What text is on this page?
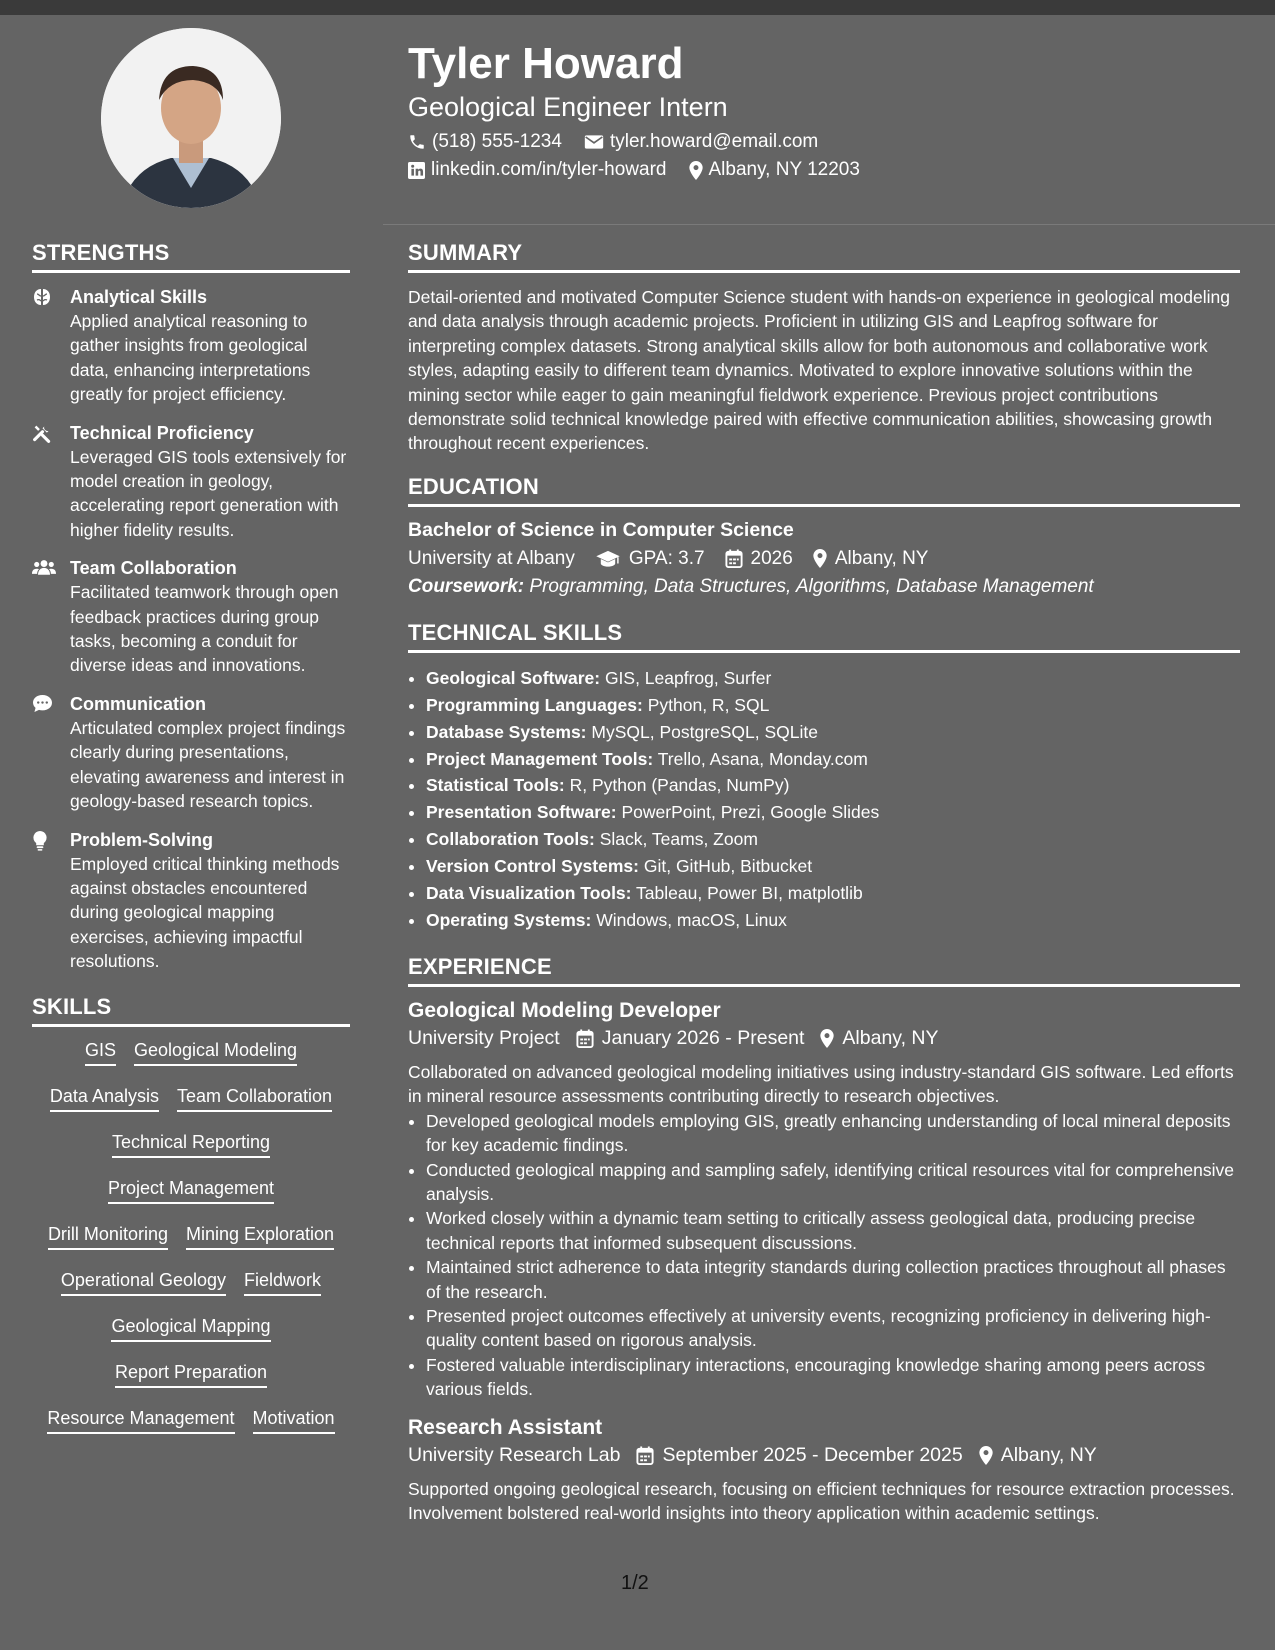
Tyler Howard
Geological Engineer Intern
(518) 555-1234	tyler.howard@email.com
linkedin.com/in/tyler-howard Albany, NY 12203
STRENGTHS
Analytical Skills
Applied analytical reasoning to gather insights from geological data, enhancing interpretations greatly for project efficiency.
Technical Proficiency
Leveraged GIS tools extensively for model creation in geology, accelerating report generation with higher fidelity results.
Team Collaboration
Facilitated teamwork through open feedback practices during group tasks, becoming a conduit for diverse ideas and innovations.
Communication
Articulated complex project findings clearly during presentations, elevating awareness and interest in geology-based research topics.
Problem-Solving
Employed critical thinking methods against obstacles encountered during geological mapping exercises, achieving impactful resolutions.
SKILLS
GIS Geological Modeling
Data Analysis Team Collaboration
Technical Reporting
Project Management
Drill Monitoring Mining Exploration
Operational Geology Fieldwork
Geological Mapping
Report Preparation
Resource Management Motivation
SUMMARY
Detail-oriented and motivated Computer Science student with hands-on experience in geological modeling and data analysis through academic projects. Proficient in utilizing GIS and Leapfrog software for interpreting complex datasets. Strong analytical skills allow for both autonomous and collaborative work styles, adapting easily to different team dynamics. Motivated to explore innovative solutions within the mining sector while eager to gain meaningful fieldwork experience. Previous project contributions demonstrate solid technical knowledge paired with effective communication abilities, showcasing growth throughout recent experiences.
EDUCATION
Bachelor of Science in Computer Science
University at Albany	GPA: 3.7 2026 Albany, NY
Coursework: Programming, Data Structures, Algorithms, Database Management
TECHNICAL SKILLS
• Geological Software: GIS, Leapfrog, Surfer
• Programming Languages: Python, R, SQL
• Database Systems: MySQL, PostgreSQL, SQLite
• Project Management Tools: Trello, Asana, Monday.com
• Statistical Tools: R, Python (Pandas, NumPy)
• Presentation Software: PowerPoint, Prezi, Google Slides
• Collaboration Tools: Slack, Teams, Zoom
• Version Control Systems: Git, GitHub, Bitbucket
• Data Visualization Tools: Tableau, Power BI, matplotlib
• Operating Systems: Windows, macOS, Linux
EXPERIENCE
Geological Modeling Developer
University Project January 2026 - Present Albany, NY
Collaborated on advanced geological modeling initiatives using industry-standard GIS software. Led efforts in mineral resource assessments contributing directly to research objectives.
• Developed geological models employing GIS, greatly enhancing understanding of local mineral deposits for key academic findings.
• Conducted geological mapping and sampling safely, identifying critical resources vital for comprehensive analysis.
• Worked closely within a dynamic team setting to critically assess geological data, producing precise technical reports that informed subsequent discussions.
• Maintained strict adherence to data integrity standards during collection practices throughout all phases of the research.
• Presented project outcomes effectively at university events, recognizing proficiency in delivering high-quality content based on rigorous analysis.
• Fostered valuable interdisciplinary interactions, encouraging knowledge sharing among peers across various fields.
Research Assistant
University Research Lab September 2025 - December 2025 Albany, NY
Supported ongoing geological research, focusing on efficient techniques for resource extraction processes. Involvement bolstered real-world insights into theory application within academic settings.
1/2
